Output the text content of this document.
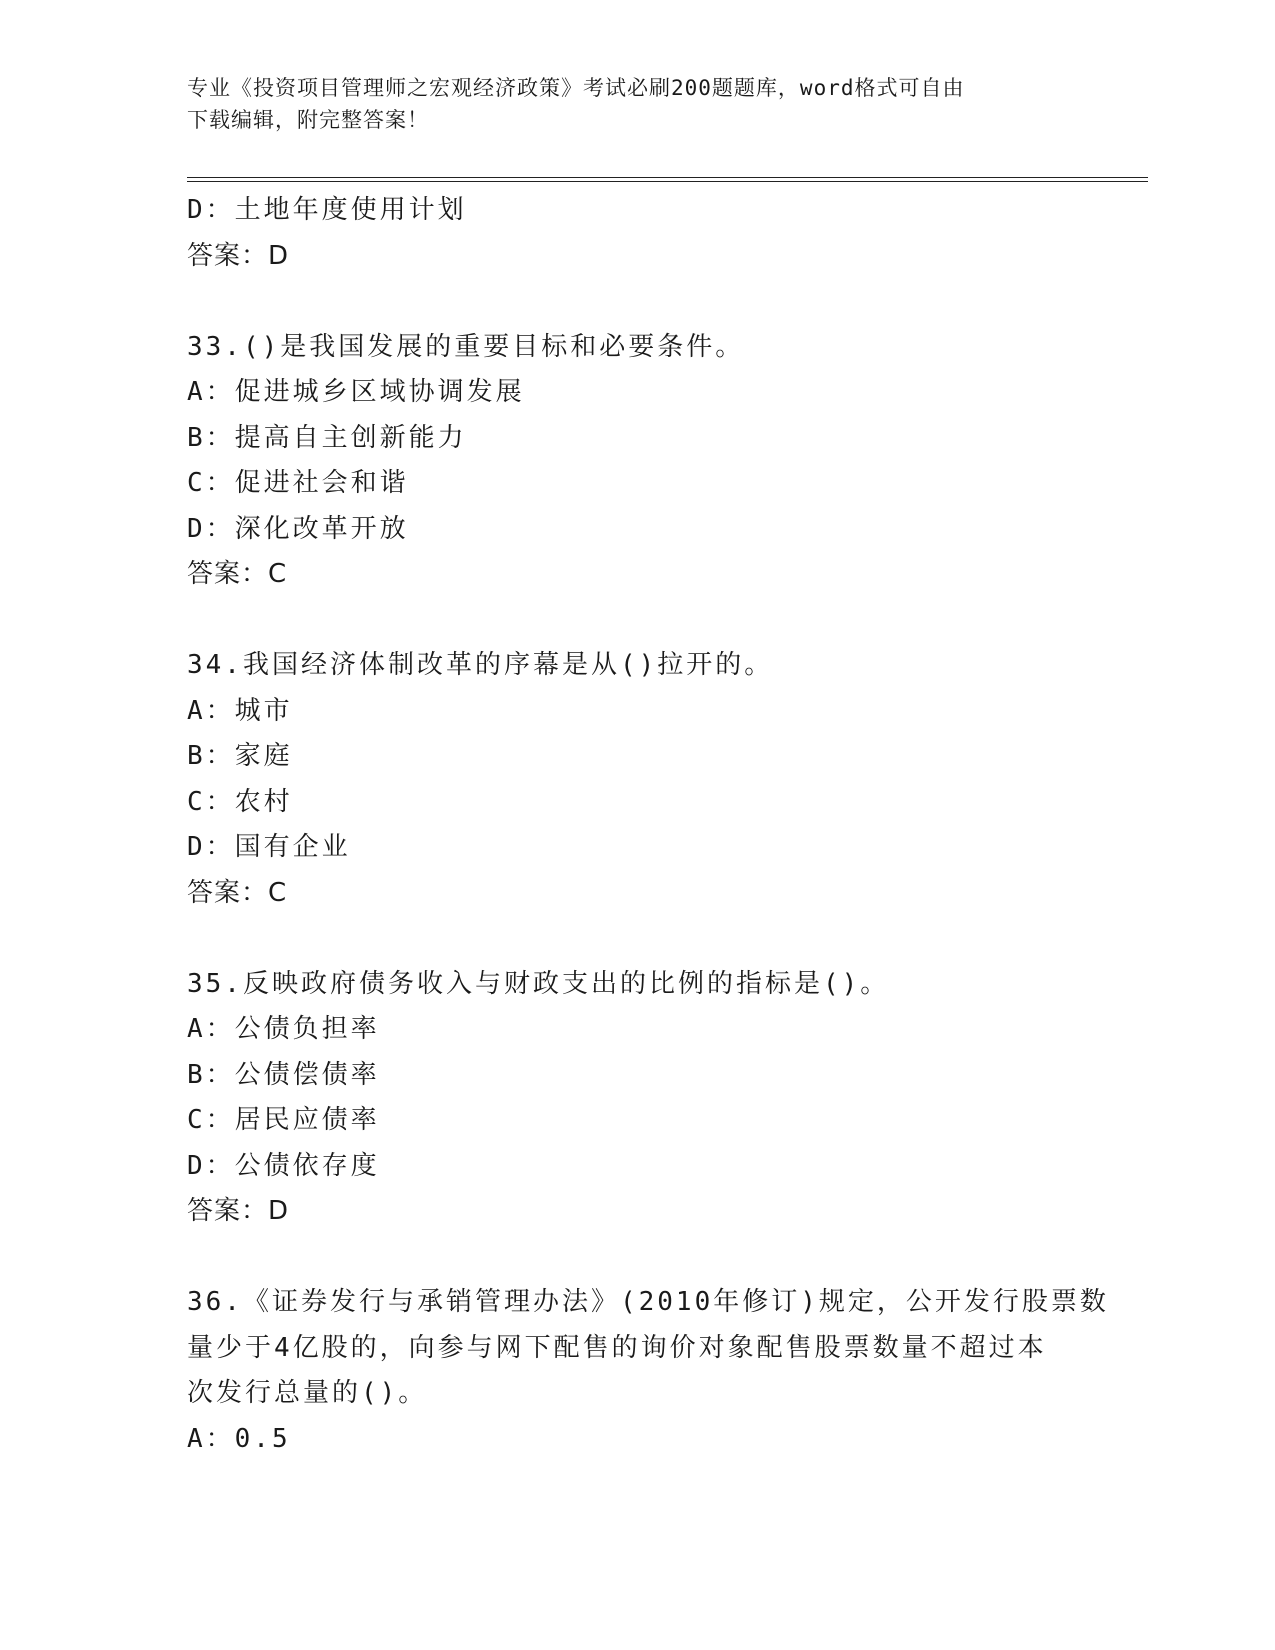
专业《投资项目管理师之宏观经济政策》考试必刷200题题库，word格式可自由
下载编辑，附完整答案！
D：土地年度使用计划
答案：D
33.()是我国发展的重要目标和必要条件。
A：促进城乡区域协调发展
B：提高自主创新能力
C：促进社会和谐
D：深化改革开放
答案：C
34.我国经济体制改革的序幕是从()拉开的。
A：城市
B：家庭
C：农村
D：国有企业
答案：C
35.反映政府债务收入与财政支出的比例的指标是()。
A：公债负担率
B：公债偿债率
C：居民应债率
D：公债依存度
答案：D
36.《证券发行与承销管理办法》(2010年修订)规定，公开发行股票数
量少于4亿股的，向参与网下配售的询价对象配售股票数量不超过本
次发行总量的()。
A：0.5
